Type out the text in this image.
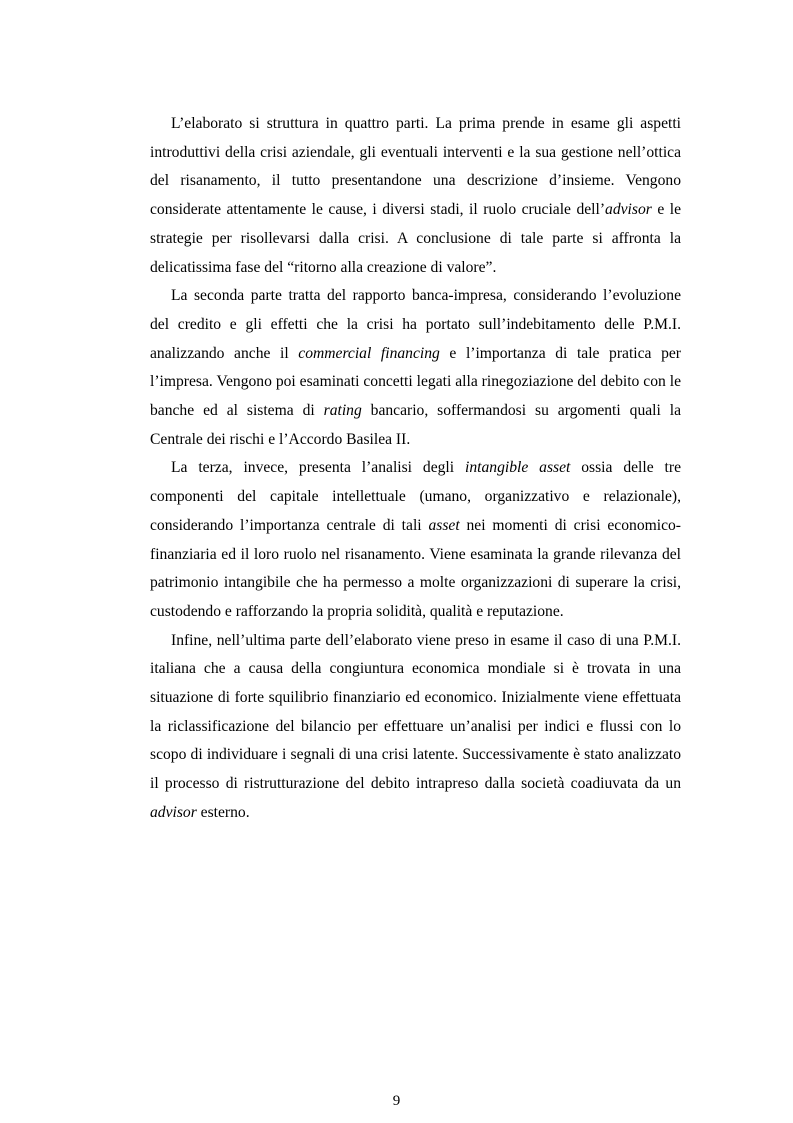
L’elaborato si struttura in quattro parti. La prima prende in esame gli aspetti introduttivi della crisi aziendale, gli eventuali interventi e la sua gestione nell’ottica del risanamento, il tutto presentandone una descrizione d’insieme. Vengono considerate attentamente le cause, i diversi stadi, il ruolo cruciale dell’advisor e le strategie per risollevarsi dalla crisi. A conclusione di tale parte si affronta la delicatissima fase del “ritorno alla creazione di valore”.

La seconda parte tratta del rapporto banca-impresa, considerando l’evoluzione del credito e gli effetti che la crisi ha portato sull’indebitamento delle P.M.I. analizzando anche il commercial financing e l’importanza di tale pratica per l’impresa. Vengono poi esaminati concetti legati alla rinegoziazione del debito con le banche ed al sistema di rating bancario, soffermandosi su argomenti quali la Centrale dei rischi e l’Accordo Basilea II.

La terza, invece, presenta l’analisi degli intangible asset ossia delle tre componenti del capitale intellettuale (umano, organizzativo e relazionale), considerando l’importanza centrale di tali asset nei momenti di crisi economico-finanziaria ed il loro ruolo nel risanamento. Viene esaminata la grande rilevanza del patrimonio intangibile che ha permesso a molte organizzazioni di superare la crisi, custodendo e rafforzando la propria solidità, qualità e reputazione.

Infine, nell’ultima parte dell’elaborato viene preso in esame il caso di una P.M.I. italiana che a causa della congiuntura economica mondiale si è trovata in una situazione di forte squilibrio finanziario ed economico. Inizialmente viene effettuata la riclassificazione del bilancio per effettuare un’analisi per indici e flussi con lo scopo di individuare i segnali di una crisi latente. Successivamente è stato analizzato il processo di ristrutturazione del debito intrapreso dalla società coadiuvata da un advisor esterno.

9
